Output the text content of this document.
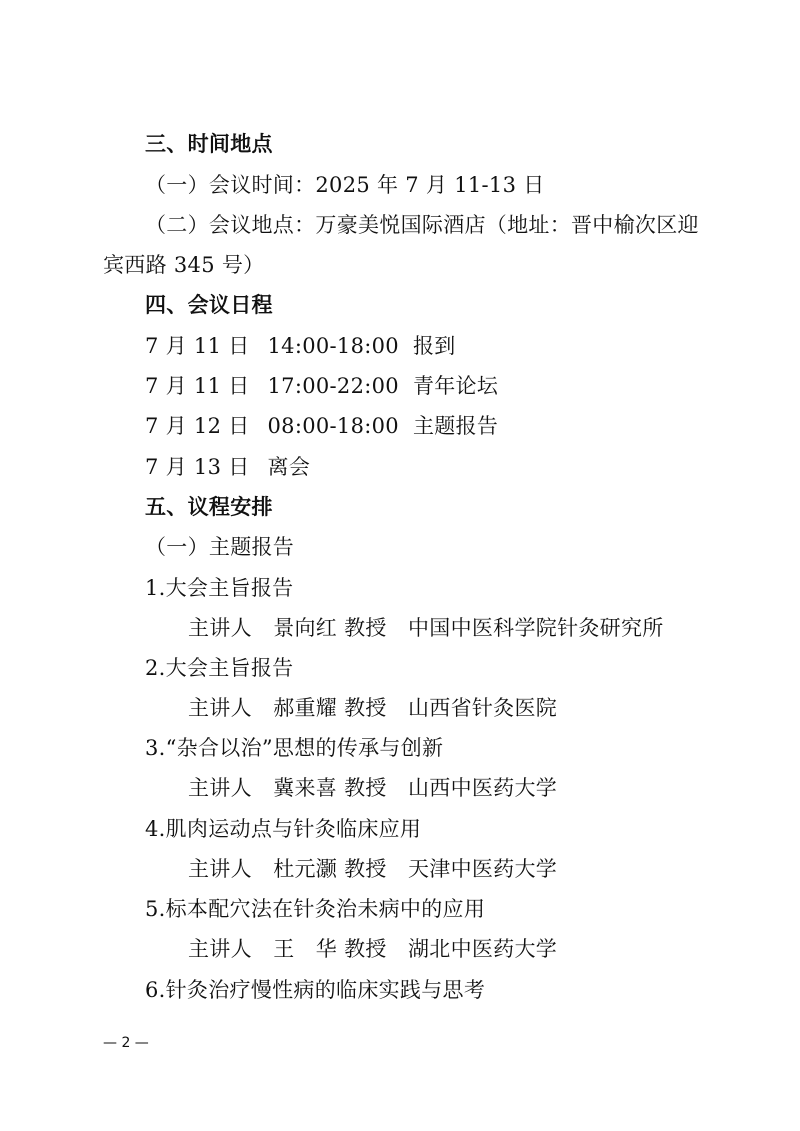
三、时间地点
（一）会议时间：2025 年 7 月 11-13 日
（二）会议地点：万豪美悦国际酒店（地址：晋中榆次区迎
宾西路 345 号）
四、会议日程
7 月 11 日 14:00-18:00 报到
7 月 11 日 17:00-22:00 青年论坛
7 月 12 日 08:00-18:00 主题报告
7 月 13 日 离会
五、议程安排
（一）主题报告
1.大会主旨报告
主讲人　景向红 教授　中国中医科学院针灸研究所
2.大会主旨报告
主讲人　郝重耀 教授　山西省针灸医院
3.“杂合以治”思想的传承与创新
主讲人　冀来喜 教授　山西中医药大学
4.肌肉运动点与针灸临床应用
主讲人　杜元灏 教授　天津中医药大学
5.标本配穴法在针灸治未病中的应用
主讲人　王　华 教授　湖北中医药大学
6.针灸治疗慢性病的临床实践与思考
— 2 —
